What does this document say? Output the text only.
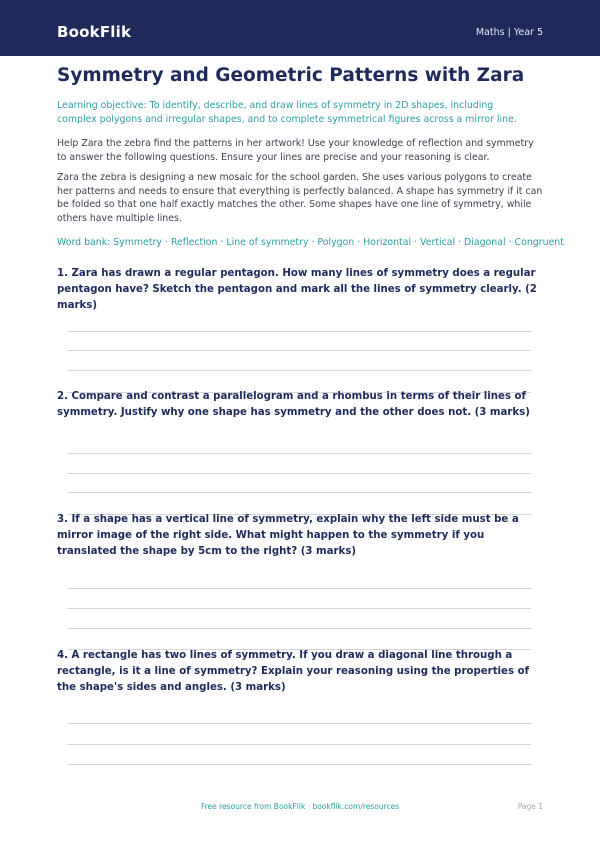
BookFlik	Maths | Year 5
Symmetry and Geometric Patterns with Zara
Learning objective: To identify, describe, and draw lines of symmetry in 2D shapes, including complex polygons and irregular shapes, and to complete symmetrical figures across a mirror line.
Help Zara the zebra find the patterns in her artwork! Use your knowledge of reflection and symmetry to answer the following questions. Ensure your lines are precise and your reasoning is clear.
Zara the zebra is designing a new mosaic for the school garden. She uses various polygons to create her patterns and needs to ensure that everything is perfectly balanced. A shape has symmetry if it can be folded so that one half exactly matches the other. Some shapes have one line of symmetry, while others have multiple lines.
Word bank: Symmetry · Reflection · Line of symmetry · Polygon · Horizontal · Vertical · Diagonal · Congruent
1. Zara has drawn a regular pentagon. How many lines of symmetry does a regular pentagon have? Sketch the pentagon and mark all the lines of symmetry clearly. (2 marks)
2. Compare and contrast a parallelogram and a rhombus in terms of their lines of symmetry. Justify why one shape has symmetry and the other does not. (3 marks)
3. If a shape has a vertical line of symmetry, explain why the left side must be a mirror image of the right side. What might happen to the symmetry if you translated the shape by 5cm to the right? (3 marks)
4. A rectangle has two lines of symmetry. If you draw a diagonal line through a rectangle, is it a line of symmetry? Explain your reasoning using the properties of the shape's sides and angles. (3 marks)
Free resource from BookFlik · bookflik.com/resources	Page 1
